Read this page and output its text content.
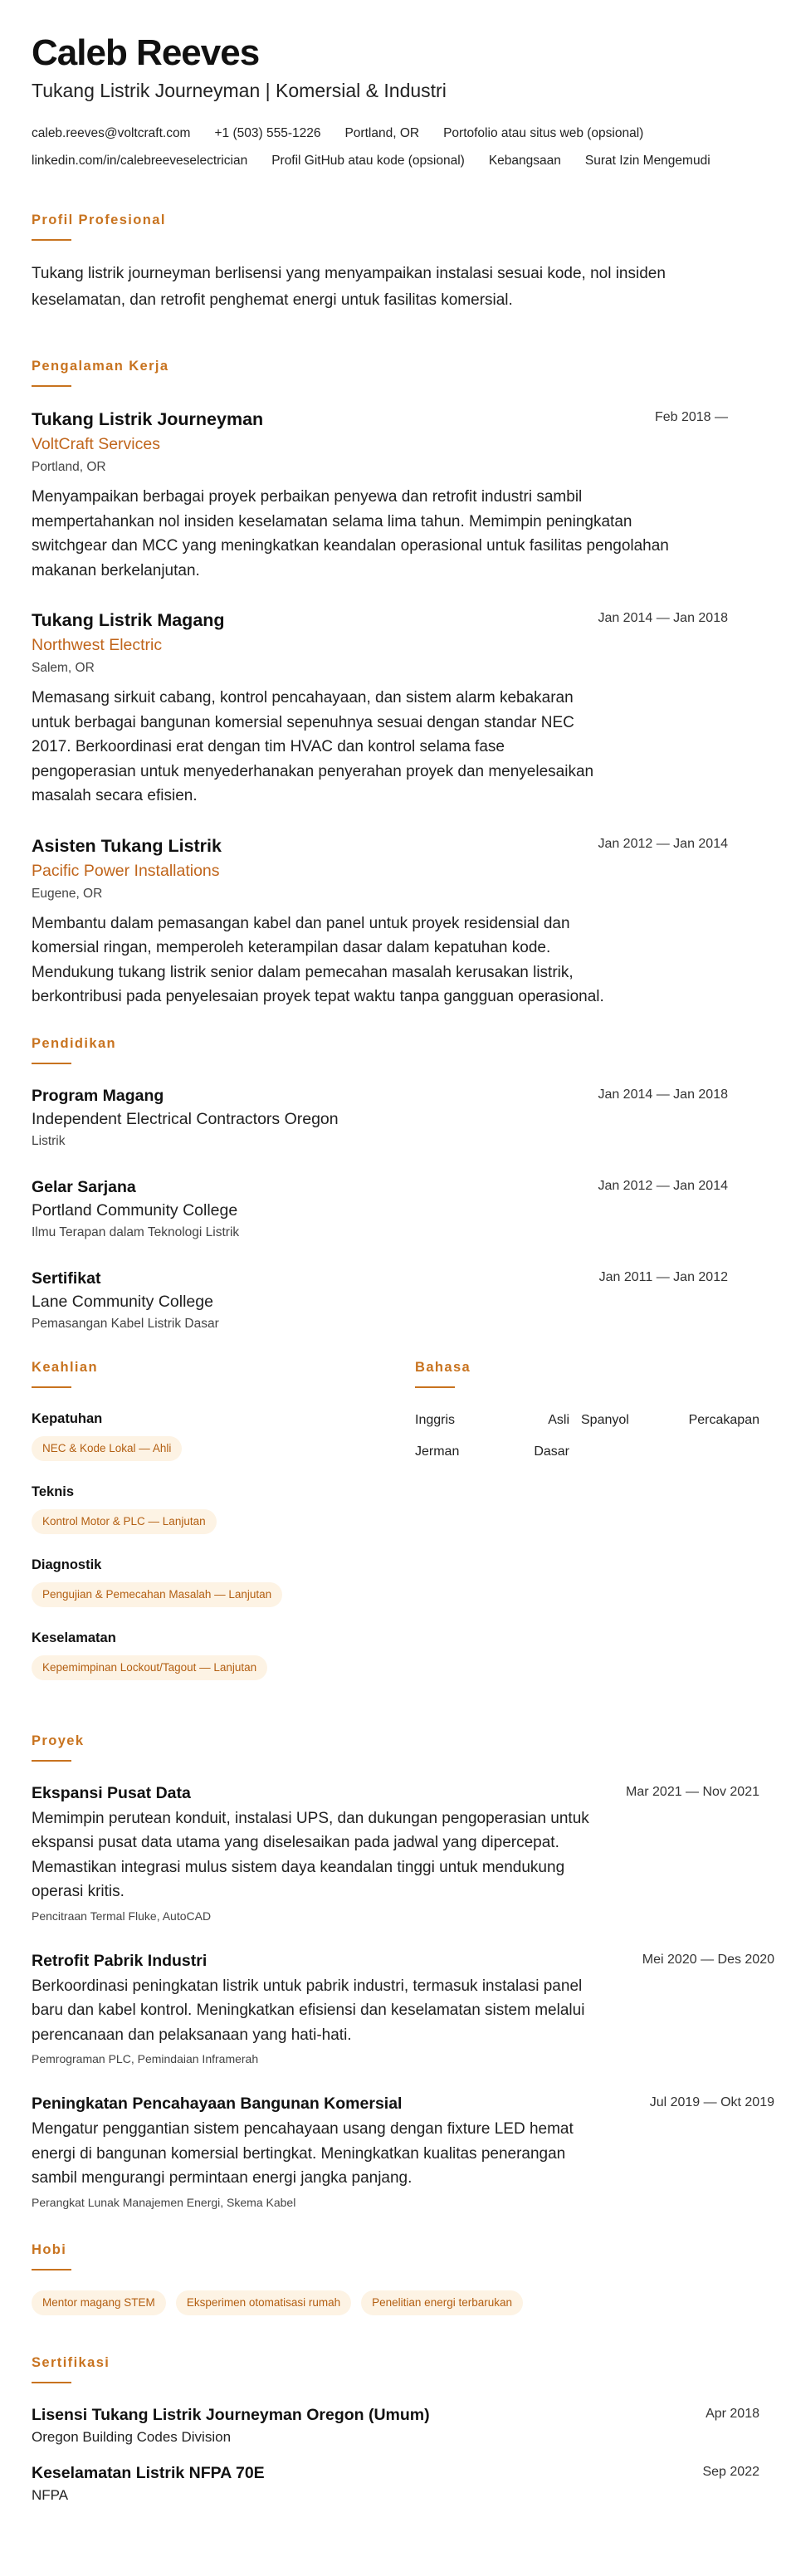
Caleb Reeves
Tukang Listrik Journeyman | Komersial & Industri
caleb.reeves@voltcraft.com +1 (503) 555-1226 Portland, OR Portofolio atau situs web (opsional)
linkedin.com/in/calebreeveselectrician Profil GitHub atau kode (opsional) Kebangsaan Surat Izin Mengemudi
Profil Profesional
Tukang listrik journeyman berlisensi yang menyampaikan instalasi sesuai kode, nol insiden keselamatan, dan retrofit penghemat energi untuk fasilitas komersial.
Pengalaman Kerja
Tukang Listrik Journeyman	Feb 2018 —
VoltCraft Services
Portland, OR
Menyampaikan berbagai proyek perbaikan penyewa dan retrofit industri sambil mempertahankan nol insiden keselamatan selama lima tahun. Memimpin peningkatan switchgear dan MCC yang meningkatkan keandalan operasional untuk fasilitas pengolahan makanan berkelanjutan.
Tukang Listrik Magang	Jan 2014 — Jan 2018
Northwest Electric
Salem, OR
Memasang sirkuit cabang, kontrol pencahayaan, dan sistem alarm kebakaran untuk berbagai bangunan komersial sepenuhnya sesuai dengan standar NEC 2017. Berkoordinasi erat dengan tim HVAC dan kontrol selama fase pengoperasian untuk menyederhanakan penyerahan proyek dan menyelesaikan masalah secara efisien.
Asisten Tukang Listrik	Jan 2012 — Jan 2014
Pacific Power Installations
Eugene, OR
Membantu dalam pemasangan kabel dan panel untuk proyek residensial dan komersial ringan, memperoleh keterampilan dasar dalam kepatuhan kode. Mendukung tukang listrik senior dalam pemecahan masalah kerusakan listrik, berkontribusi pada penyelesaian proyek tepat waktu tanpa gangguan operasional.
Pendidikan
Program Magang	Jan 2014 — Jan 2018
Independent Electrical Contractors Oregon
Listrik
Gelar Sarjana	Jan 2012 — Jan 2014
Portland Community College
Ilmu Terapan dalam Teknologi Listrik
Sertifikat	Jan 2011 — Jan 2012
Lane Community College
Pemasangan Kabel Listrik Dasar
Keahlian
Kepatuhan
NEC & Kode Lokal — Ahli
Teknis
Kontrol Motor & PLC — Lanjutan
Diagnostik
Pengujian & Pemecahan Masalah — Lanjutan
Keselamatan
Kepemimpinan Lockout/Tagout — Lanjutan
Bahasa
Inggris	Asli Spanyol	Percakapan
Jerman	Dasar
Proyek
Ekspansi Pusat Data	Mar 2021 — Nov 2021
Memimpin perutean konduit, instalasi UPS, dan dukungan pengoperasian untuk ekspansi pusat data utama yang diselesaikan pada jadwal yang dipercepat. Memastikan integrasi mulus sistem daya keandalan tinggi untuk mendukung operasi kritis.
Pencitraan Termal Fluke, AutoCAD
Retrofit Pabrik Industri	Mei 2020 — Des 2020
Berkoordinasi peningkatan listrik untuk pabrik industri, termasuk instalasi panel baru dan kabel kontrol. Meningkatkan efisiensi dan keselamatan sistem melalui perencanaan dan pelaksanaan yang hati-hati.
Pemrograman PLC, Pemindaian Inframerah
Peningkatan Pencahayaan Bangunan Komersial	Jul 2019 — Okt 2019
Mengatur penggantian sistem pencahayaan usang dengan fixture LED hemat energi di bangunan komersial bertingkat. Meningkatkan kualitas penerangan sambil mengurangi permintaan energi jangka panjang.
Perangkat Lunak Manajemen Energi, Skema Kabel
Hobi
Mentor magang STEM	Eksperimen otomatisasi rumah	Penelitian energi terbarukan
Sertifikasi
Lisensi Tukang Listrik Journeyman Oregon (Umum)	Apr 2018
Oregon Building Codes Division
Keselamatan Listrik NFPA 70E	Sep 2022
NFPA
